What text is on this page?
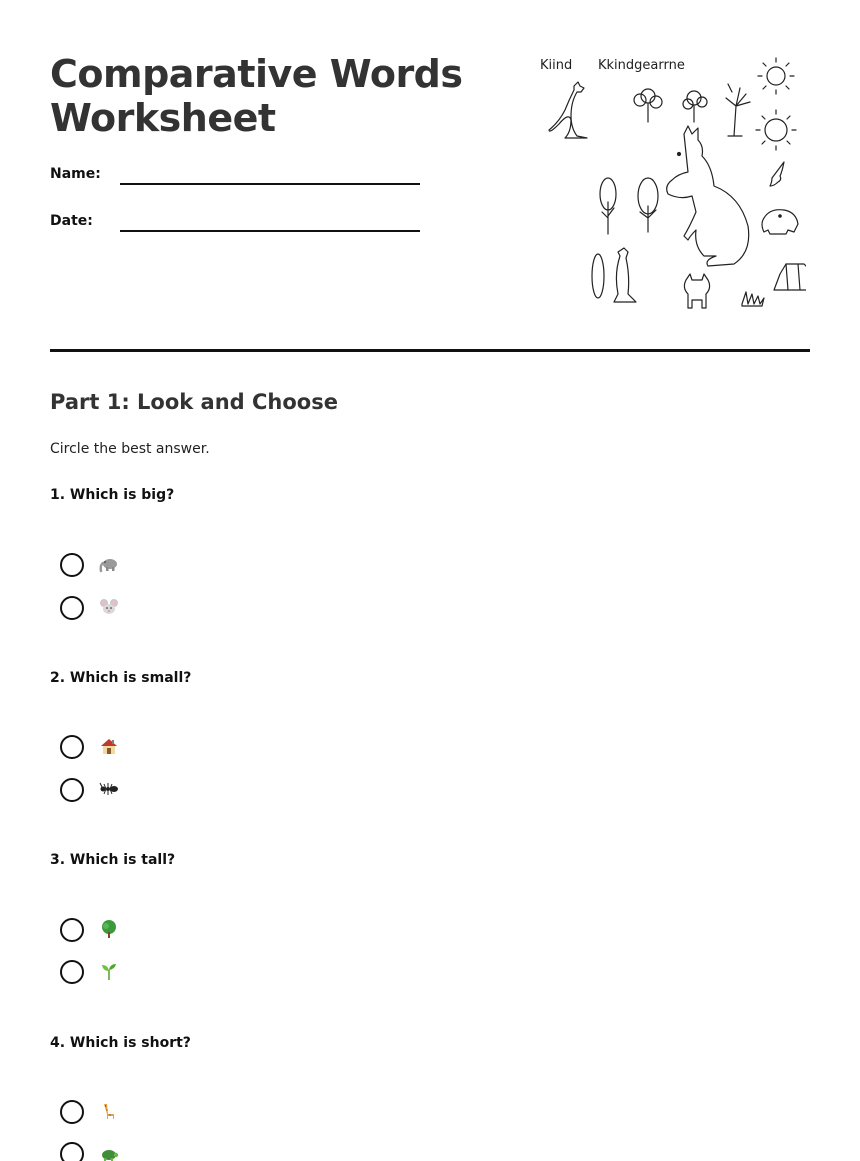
Comparative Words
Worksheet
Name:
Date:
Kiind Kkindgearrne
Part 1: Look and Choose

Circle the best answer.

1. Which is big?
2. Which is small?
3. Which is tall?
4. Which is short?
